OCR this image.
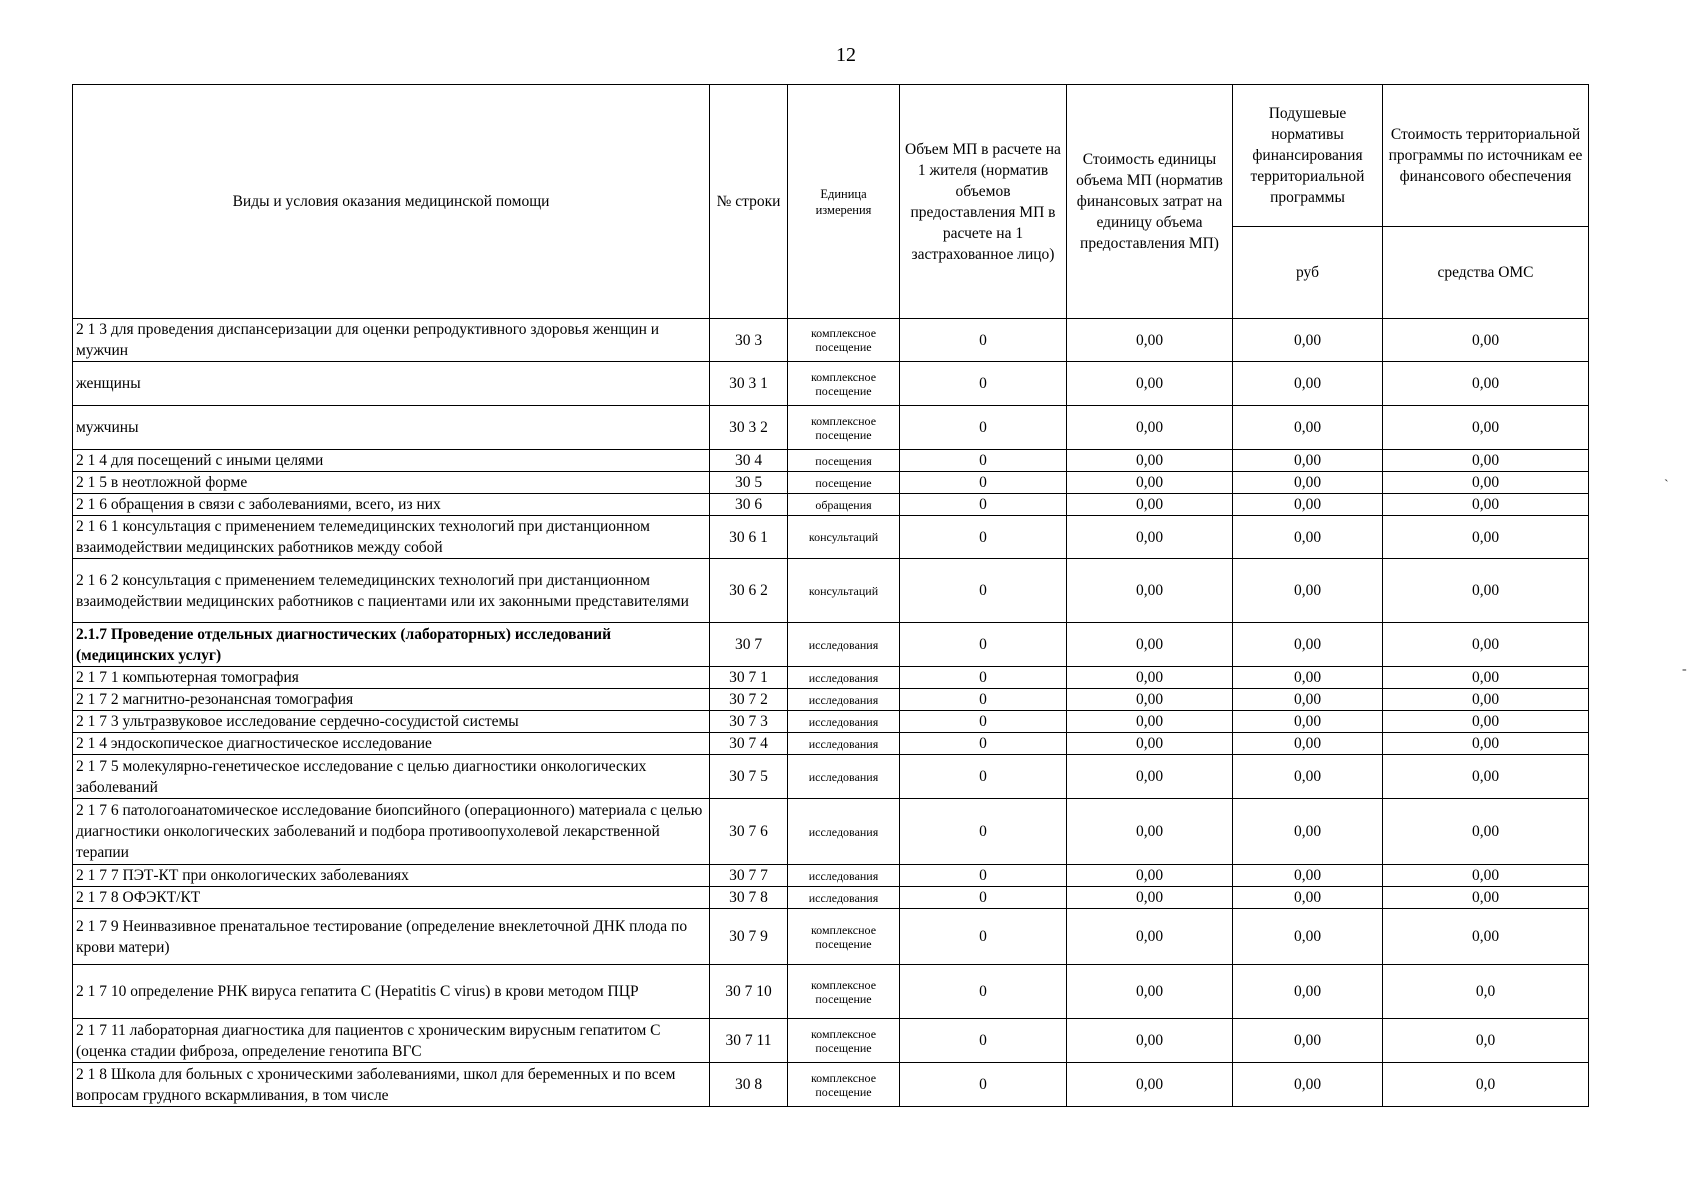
12
Виды и условия оказания медицинской помощи	№ строки	Единица измерения	Объем МП в расчете на 1 жителя (норматив объемов предоставления МП в расчете на 1 застрахованное лицо)	Стоимость единицы объема МП (норматив финансовых затрат на единицу объема предоставления МП)	Подушевые нормативы финансирования территориальной программы	Стоимость территориальной программы по источникам ее финансового обеспечения
					руб	средства ОМС
2 1 3 для проведения диспансеризации для оценки репродуктивного здоровья женщин и мужчин	30 3	комплексное посещение	0	0,00	0,00	0,00
женщины	30 3 1	комплексное посещение	0	0,00	0,00	0,00
мужчины	30 3 2	комплексное посещение	0	0,00	0,00	0,00
2 1 4 для посещений с иными целями	30 4	посещения	0	0,00	0,00	0,00
2 1 5 в неотложной форме	30 5	посещение	0	0,00	0,00	0,00
2 1 6 обращения в связи с заболеваниями, всего, из них	30 6	обращения	0	0,00	0,00	0,00
2 1 6 1 консультация с применением телемедицинских технологий при дистанционном взаимодействии медицинских работников между собой	30 6 1	консультаций	0	0,00	0,00	0,00
2 1 6 2 консультация с применением телемедицинских технологий при дистанционном взаимодействии медицинских работников с пациентами или их законными представителями	30 6 2	консультаций	0	0,00	0,00	0,00
2.1.7 Проведение отдельных диагностических (лабораторных) исследований (медицинских услуг)	30 7	исследования	0	0,00	0,00	0,00
2 1 7 1 компьютерная томография	30 7 1	исследования	0	0,00	0,00	0,00
2 1 7 2 магнитно-резонансная томография	30 7 2	исследования	0	0,00	0,00	0,00
2 1 7 3 ультразвуковое исследование сердечно-сосудистой системы	30 7 3	исследования	0	0,00	0,00	0,00
2 1 4 эндоскопическое диагностическое исследование	30 7 4	исследования	0	0,00	0,00	0,00
2 1 7 5 молекулярно-генетическое исследование с целью диагностики онкологических заболеваний	30 7 5	исследования	0	0,00	0,00	0,00
2 1 7 6 патологоанатомическое исследование биопсийного (операционного) материала с целью диагностики онкологических заболеваний и подбора противоопухолевой лекарственной терапии	30 7 6	исследования	0	0,00	0,00	0,00
2 1 7 7 ПЭТ-КТ при онкологических заболеваниях	30 7 7	исследования	0	0,00	0,00	0,00
2 1 7 8 ОФЭКТ/КТ	30 7 8	исследования	0	0,00	0,00	0,00
2 1 7 9 Неинвазивное пренатальное тестирование (определение внеклеточной ДНК плода по крови матери)	30 7 9	комплексное посещение	0	0,00	0,00	0,00
2 1 7 10 определение РНК вируса гепатита С (Hepatitis C virus) в крови методом ПЦР	30 7 10	комплексное посещение	0	0,00	0,00	0,0
2 1 7 11 лабораторная диагностика для пациентов с хроническим вирусным гепатитом С (оценка стадии фиброза, определение генотипа ВГС	30 7 11	комплексное посещение	0	0,00	0,00	0,0
2 1 8 Школа для больных с хроническими заболеваниями, школ для беременных и по всем вопросам грудного вскармливания, в том числе	30 8	комплексное посещение	0	0,00	0,00	0,0
`
-
